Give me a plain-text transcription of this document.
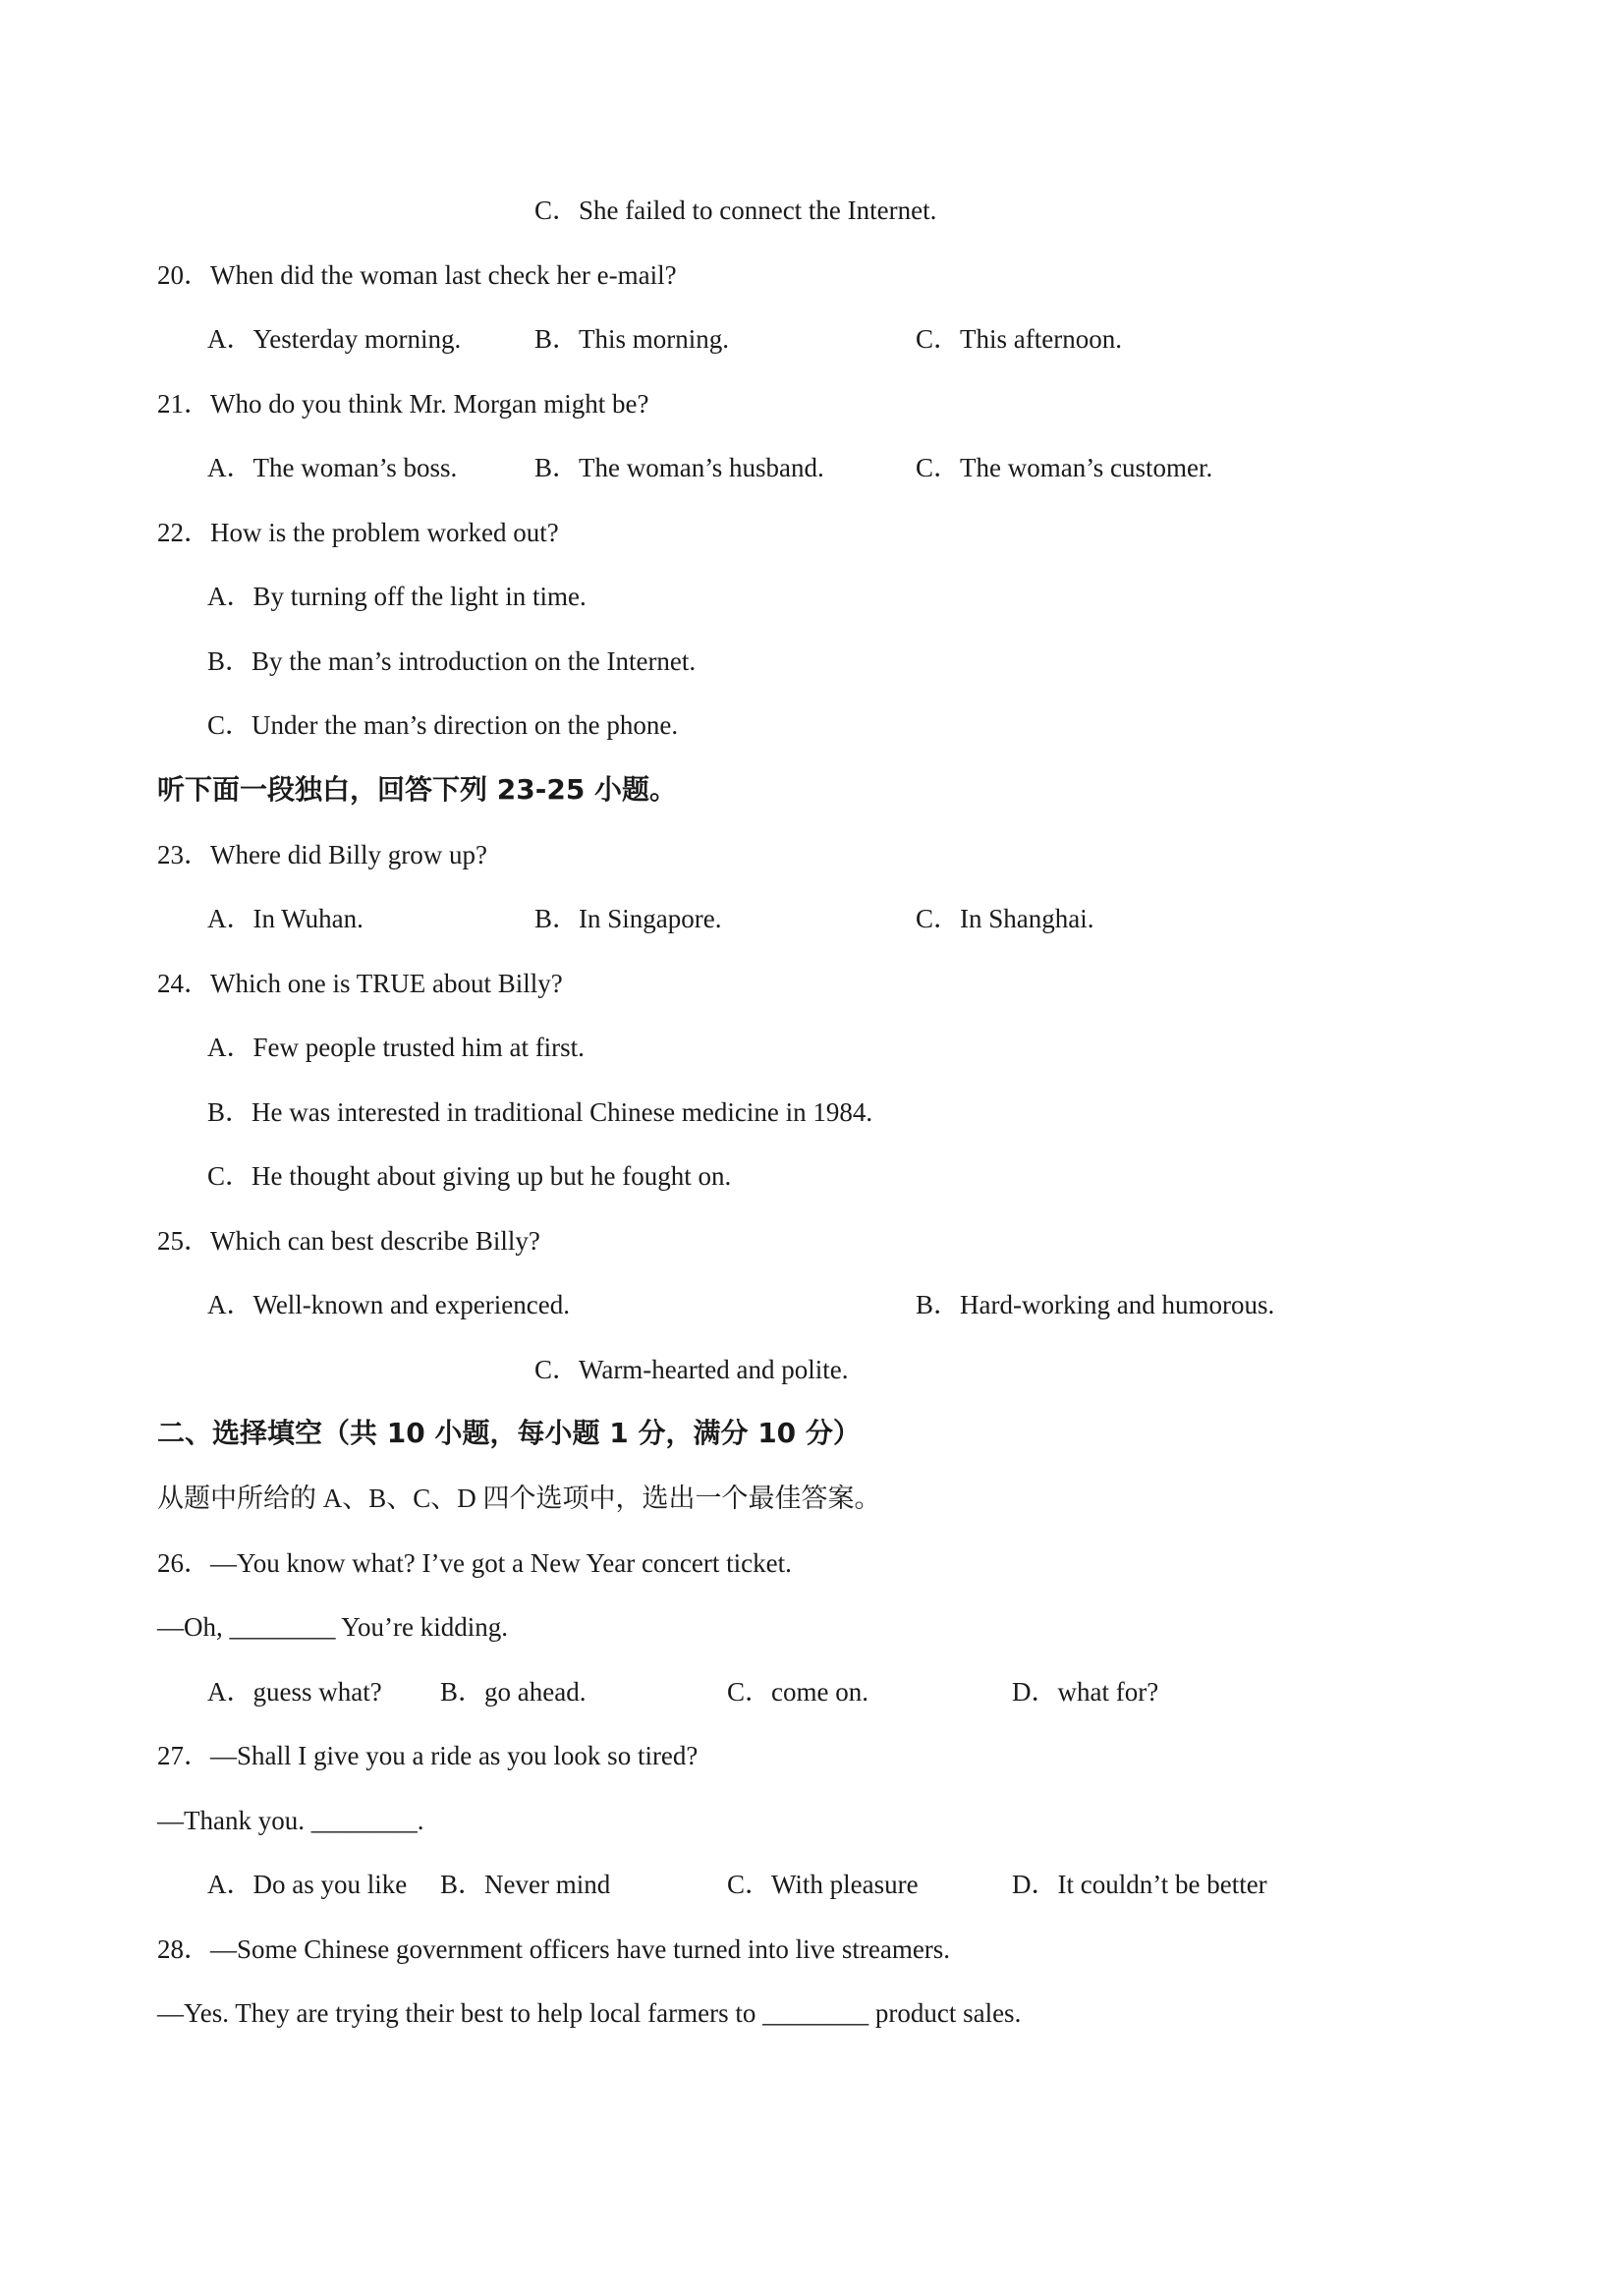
C．She failed to connect the Internet.
20．When did the woman last check her e-mail?
A．Yesterday morning.	B．This morning.	C．This afternoon.
21．Who do you think Mr. Morgan might be?
A．The woman’s boss.	B．The woman’s husband.	C．The woman’s customer.
22．How is the problem worked out?
A．By turning off the light in time.
B．By the man’s introduction on the Internet.
C．Under the man’s direction on the phone.
听下面一段独白，回答下列 23-25 小题。
23．Where did Billy grow up?
A．In Wuhan.	B．In Singapore.	C．In Shanghai.
24．Which one is TRUE about Billy?
A．Few people trusted him at first.
B．He was interested in traditional Chinese medicine in 1984.
C．He thought about giving up but he fought on.
25．Which can best describe Billy?
A．Well-known and experienced.	B．Hard-working and humorous.
C．Warm-hearted and polite.
二、选择填空（共 10 小题，每小题 1 分，满分 10 分）
从题中所给的 A、B、C、D 四个选项中，选出一个最佳答案。
26．—You know what? I’ve got a New Year concert ticket.
—Oh, ________ You’re kidding.
A．guess what? B．go ahead.	C．come on.	D．what for?
27．—Shall I give you a ride as you look so tired?
—Thank you. ________.
A．Do as you like B．Never mind	C．With pleasure	D．It couldn’t be better
28．—Some Chinese government officers have turned into live streamers.
—Yes. They are trying their best to help local farmers to ________ product sales.
